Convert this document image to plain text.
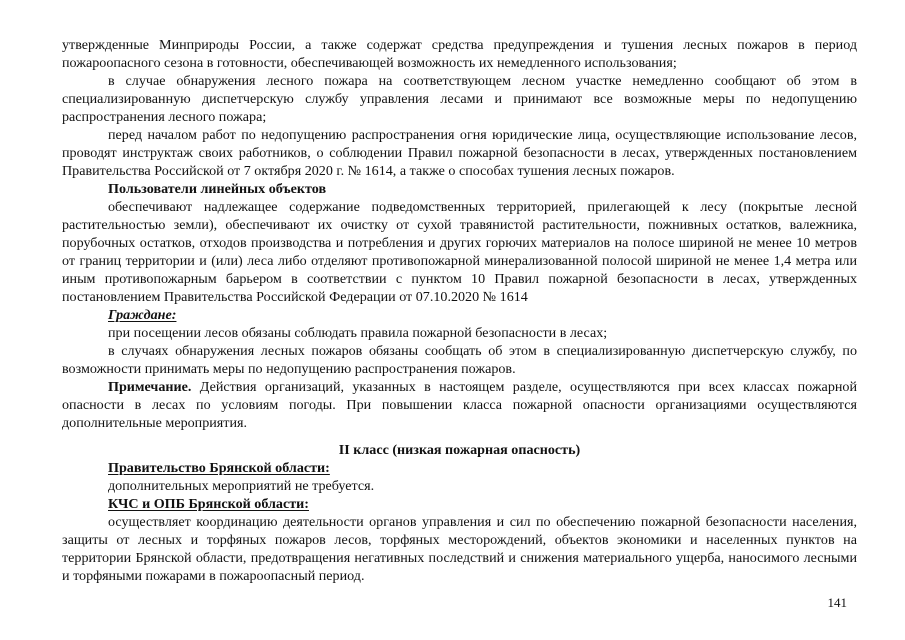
утвержденные Минприроды России, а также содержат средства предупреждения и тушения лесных пожаров в период пожароопасного сезона в готовности, обеспечивающей возможность их немедленного использования;

в случае обнаружения лесного пожара на соответствующем лесном участке немедленно сообщают об этом в специализированную диспетчерскую службу управления лесами и принимают все возможные меры по недопущению распространения лесного пожара;

перед началом работ по недопущению распространения огня юридические лица, осуществляющие использование лесов, проводят инструктаж своих работников, о соблюдении Правил пожарной безопасности в лесах, утвержденных постановлением Правительства Российской от 7 октября 2020 г. № 1614, а также о способах тушения лесных пожаров.

Пользователи линейных объектов

обеспечивают надлежащее содержание подведомственных территорией, прилегающей к лесу (покрытые лесной растительностью земли), обеспечивают их очистку от сухой травянистой растительности, пожнивных остатков, валежника, порубочных остатков, отходов производства и потребления и других горючих материалов на полосе шириной не менее 10 метров от границ территории и (или) леса либо отделяют противопожарной минерализованной полосой шириной не менее 1,4 метра или иным противопожарным барьером в соответствии с пунктом 10 Правил пожарной безопасности в лесах, утвержденных постановлением Правительства Российской Федерации от 07.10.2020 № 1614

Граждане:

при посещении лесов обязаны соблюдать правила пожарной безопасности в лесах;

в случаях обнаружения лесных пожаров обязаны сообщать об этом в специализированную диспетчерскую службу, по возможности принимать меры по недопущению распространения пожаров.

Примечание. Действия организаций, указанных в настоящем разделе, осуществляются при всех классах пожарной опасности в лесах по условиям погоды. При повышении класса пожарной опасности организациями осуществляются дополнительные мероприятия.

II класс (низкая пожарная опасность)

Правительство Брянской области:

дополнительных мероприятий не требуется.

КЧС и ОПБ Брянской области:

осуществляет координацию деятельности органов управления и сил по обеспечению пожарной безопасности населения, защиты от лесных и торфяных пожаров лесов, торфяных месторождений, объектов экономики и населенных пунктов на территории Брянской области, предотвращения негативных последствий и снижения материального ущерба, наносимого лесными и торфяными пожарами в пожароопасный период.

141
